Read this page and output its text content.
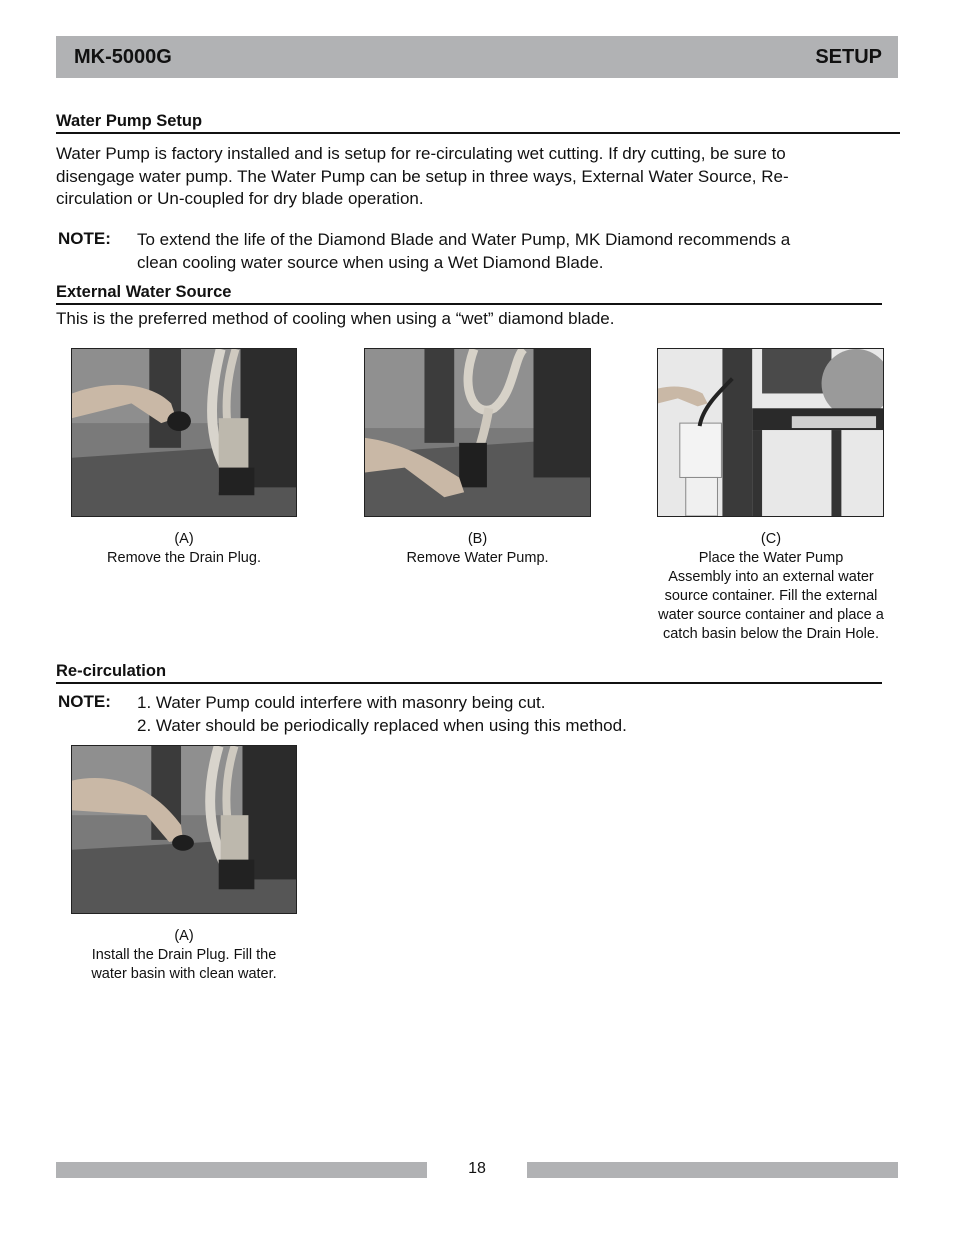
MK-5000G	SETUP
Water Pump Setup
Water Pump is factory installed and is setup for re-circulating wet cutting. If dry cutting, be sure to
disengage water pump. The Water Pump can be setup in three ways, External Water Source, Re-
circulation or Un-coupled for dry blade operation.
NOTE: To extend the life of the Diamond Blade and Water Pump, MK Diamond recommends a
clean cooling water source when using a Wet Diamond Blade.
External Water Source
This is the preferred method of cooling when using a “wet” diamond blade.
(A)
Remove the Drain Plug.
(B)
Remove Water Pump.
(C)
Place the Water Pump
Assembly into an external water
source container. Fill the external
water source container and place a
catch basin below the Drain Hole.
Re-circulation
NOTE: 1. Water Pump could interfere with masonry being cut.
2. Water should be periodically replaced when using this method.
(A)
Install the Drain Plug. Fill the
water basin with clean water.
18
